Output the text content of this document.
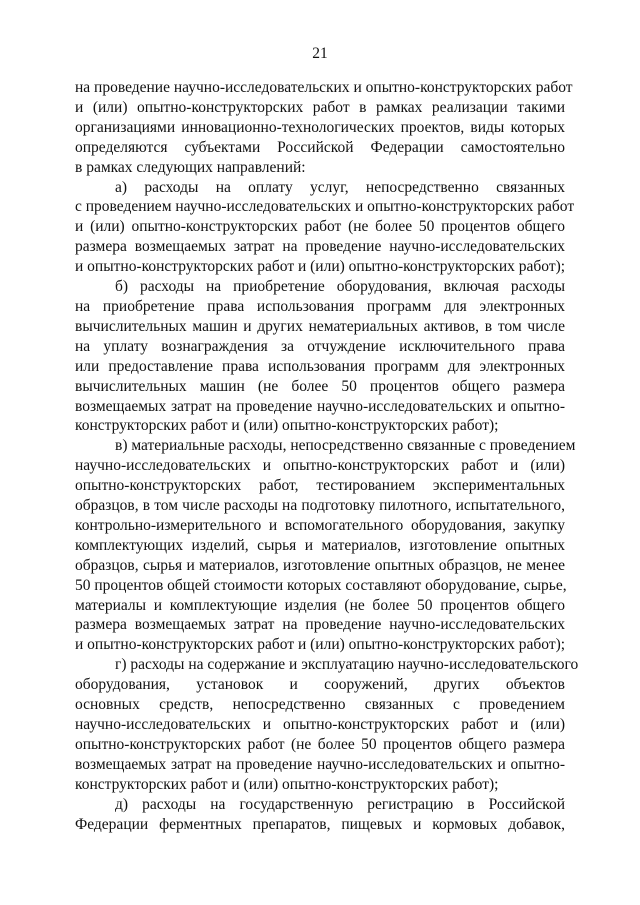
21
на проведение научно-исследовательских и опытно-конструкторских работ
и (или) опытно-конструкторских работ в рамках реализации такими
организациями инновационно-технологических проектов, виды которых
определяются субъектами Российской Федерации самостоятельно
в рамках следующих направлений:
а) расходы на оплату услуг, непосредственно связанных
с проведением научно-исследовательских и опытно-конструкторских работ
и (или) опытно-конструкторских работ (не более 50 процентов общего
размера возмещаемых затрат на проведение научно-исследовательских
и опытно-конструкторских работ и (или) опытно-конструкторских работ);
б) расходы на приобретение оборудования, включая расходы
на приобретение права использования программ для электронных
вычислительных машин и других нематериальных активов, в том числе
на уплату вознаграждения за отчуждение исключительного права
или предоставление права использования программ для электронных
вычислительных машин (не более 50 процентов общего размера
возмещаемых затрат на проведение научно-исследовательских и опытно-
конструкторских работ и (или) опытно-конструкторских работ);
в) материальные расходы, непосредственно связанные с проведением
научно-исследовательских и опытно-конструкторских работ и (или)
опытно-конструкторских работ, тестированием экспериментальных
образцов, в том числе расходы на подготовку пилотного, испытательного,
контрольно-измерительного и вспомогательного оборудования, закупку
комплектующих изделий, сырья и материалов, изготовление опытных
образцов, сырья и материалов, изготовление опытных образцов, не менее
50 процентов общей стоимости которых составляют оборудование, сырье,
материалы и комплектующие изделия (не более 50 процентов общего
размера возмещаемых затрат на проведение научно-исследовательских
и опытно-конструкторских работ и (или) опытно-конструкторских работ);
г) расходы на содержание и эксплуатацию научно-исследовательского
оборудования, установок и сооружений, других объектов
основных средств, непосредственно связанных с проведением
научно-исследовательских и опытно-конструкторских работ и (или)
опытно-конструкторских работ (не более 50 процентов общего размера
возмещаемых затрат на проведение научно-исследовательских и опытно-
конструкторских работ и (или) опытно-конструкторских работ);
д) расходы на государственную регистрацию в Российской
Федерации ферментных препаратов, пищевых и кормовых добавок,
